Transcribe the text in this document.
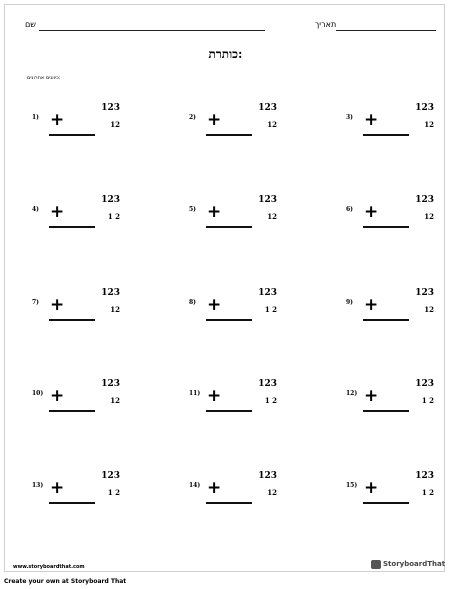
שם	תאריך
כותרת:
כיוונים אחרונים:
1)
123
+	12
2)
123
+	12
3)
123
+	12
4)
123
+	1 2
5)
123
+	12
6)
123
+	12
7)
123
+	12
8)
123
+	1 2
9)
123
+	12
10)
123
+	12
11)
123
+	1 2
12)
123
+	1 2
13)
123
+	1 2
14)
123
+	12
15)
123
+	1 2
www.storyboardthat.com	StoryboardThat
Create your own at Storyboard That
